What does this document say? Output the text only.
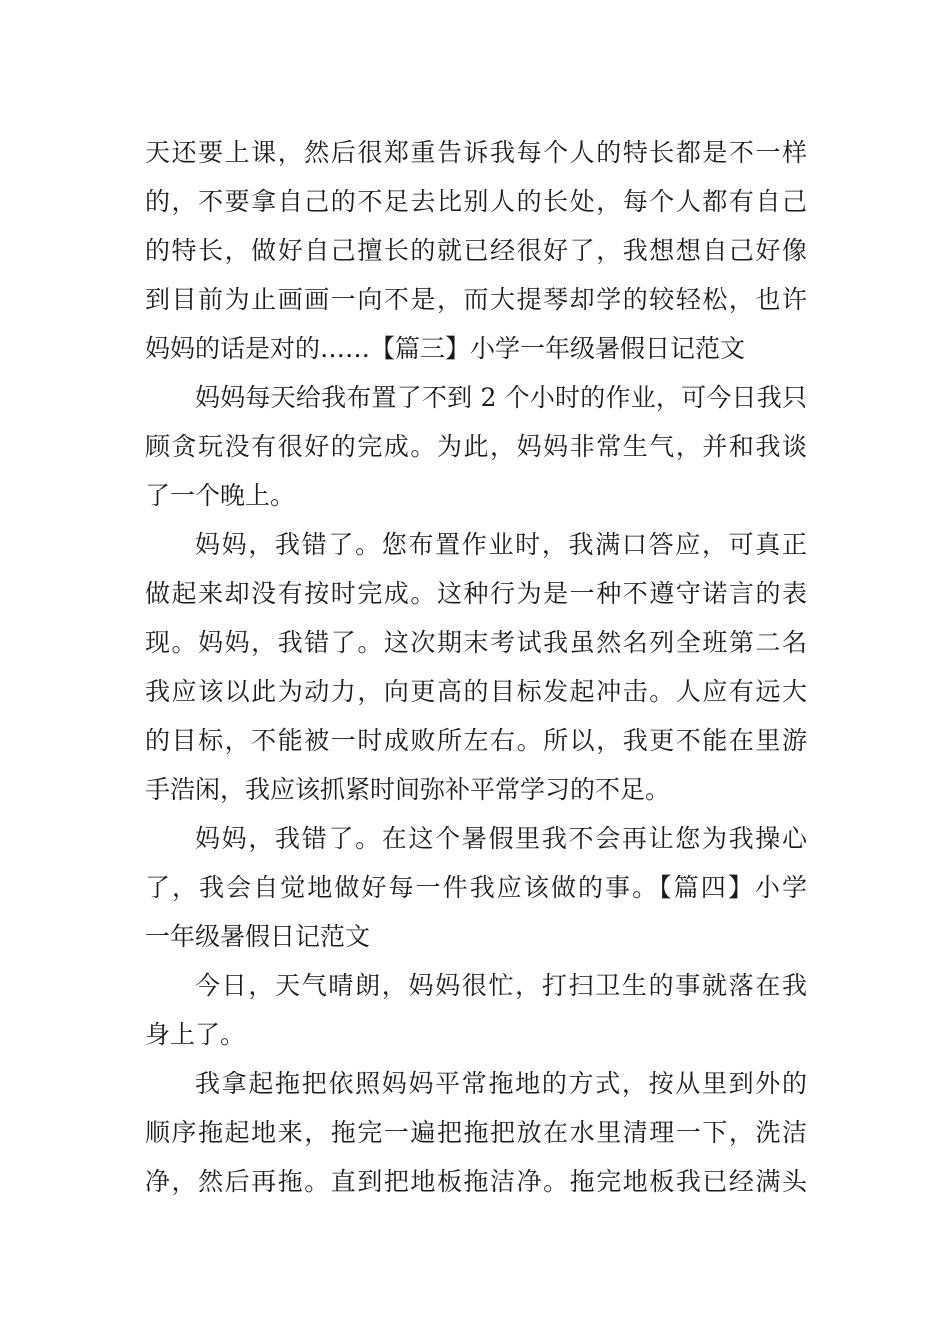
天还要上课，然后很郑重告诉我每个人的特长都是不一样
的，不要拿自己的不足去比别人的长处，每个人都有自己
的特长，做好自己擅长的就已经很好了，我想想自己好像
到目前为止画画一向不是，而大提琴却学的较轻松，也许
妈妈的话是对的……【篇三】小学一年级暑假日记范文
妈妈每天给我布置了不到 2 个小时的作业，可今日我只
顾贪玩没有很好的完成。为此，妈妈非常生气，并和我谈
了一个晚上。
妈妈，我错了。您布置作业时，我满口答应，可真正
做起来却没有按时完成。这种行为是一种不遵守诺言的表
现。妈妈，我错了。这次期末考试我虽然名列全班第二名
我应该以此为动力，向更高的目标发起冲击。人应有远大
的目标，不能被一时成败所左右。所以，我更不能在里游
手浩闲，我应该抓紧时间弥补平常学习的不足。
妈妈，我错了。在这个暑假里我不会再让您为我操心
了，我会自觉地做好每一件我应该做的事。【篇四】小学
一年级暑假日记范文
今日，天气晴朗，妈妈很忙，打扫卫生的事就落在我
身上了。
我拿起拖把依照妈妈平常拖地的方式，按从里到外的
顺序拖起地来，拖完一遍把拖把放在水里清理一下，洗洁
净，然后再拖。直到把地板拖洁净。拖完地板我已经满头
